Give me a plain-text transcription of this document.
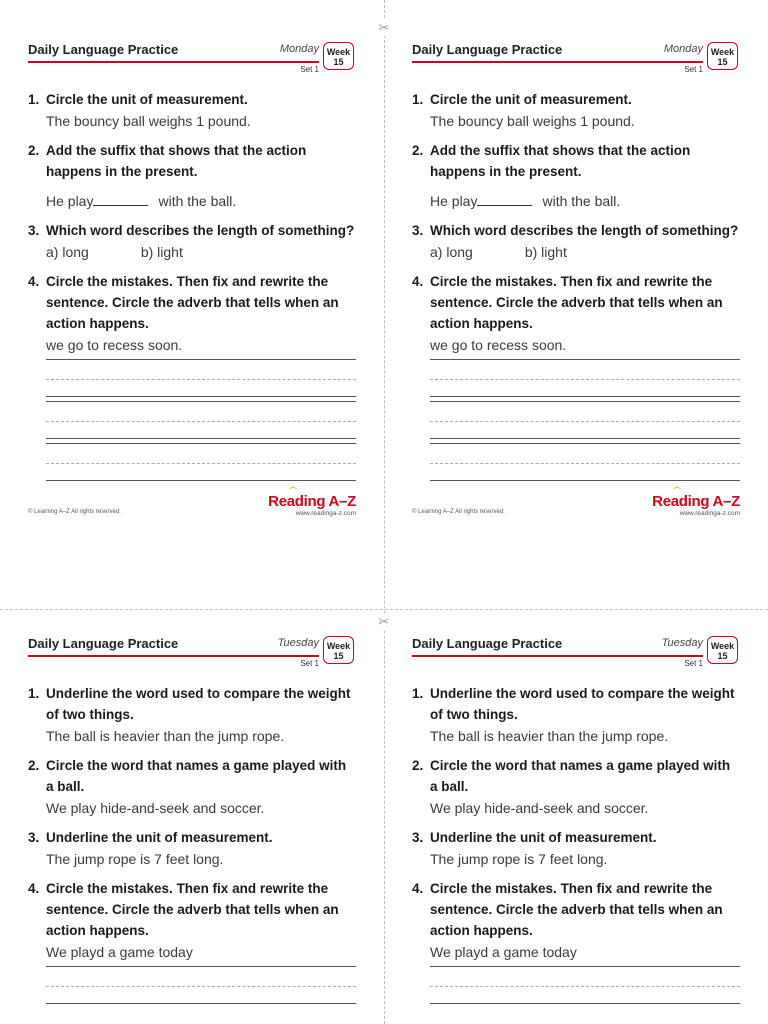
✂
✂
Daily Language Practice	Monday
Set 1
Week
15
1. Circle the unit of measurement.
The bouncy ball weighs 1 pound.
2. Add the suffix that shows that the action happens in the present.
He play	with the ball.
3. Which word describes the length of something?
a) long	b) light
4. Circle the mistakes. Then fix and rewrite the sentence. Circle the adverb that tells when an action happens.
we go to recess soon.
© Learning A–Z All rights reserved.
Reading A–Z
www.readinga-z.com
Daily Language Practice	Monday
Set 1
Week
15
1. Circle the unit of measurement.
The bouncy ball weighs 1 pound.
2. Add the suffix that shows that the action happens in the present.
He play	with the ball.
3. Which word describes the length of something?
a) long	b) light
4. Circle the mistakes. Then fix and rewrite the sentence. Circle the adverb that tells when an action happens.
we go to recess soon.
© Learning A–Z All rights reserved.
Reading A–Z
www.readinga-z.com
Daily Language Practice	Tuesday
Set 1
Week
15
1. Underline the word used to compare the weight of two things.
The ball is heavier than the jump rope.
2. Circle the word that names a game played with a ball.
We play hide-and-seek and soccer.
3. Underline the unit of measurement.
The jump rope is 7 feet long.
4. Circle the mistakes. Then fix and rewrite the sentence. Circle the adverb that tells when an action happens.
We playd a game today
Daily Language Practice	Tuesday
Set 1
Week
15
1. Underline the word used to compare the weight of two things.
The ball is heavier than the jump rope.
2. Circle the word that names a game played with a ball.
We play hide-and-seek and soccer.
3. Underline the unit of measurement.
The jump rope is 7 feet long.
4. Circle the mistakes. Then fix and rewrite the sentence. Circle the adverb that tells when an action happens.
We playd a game today
